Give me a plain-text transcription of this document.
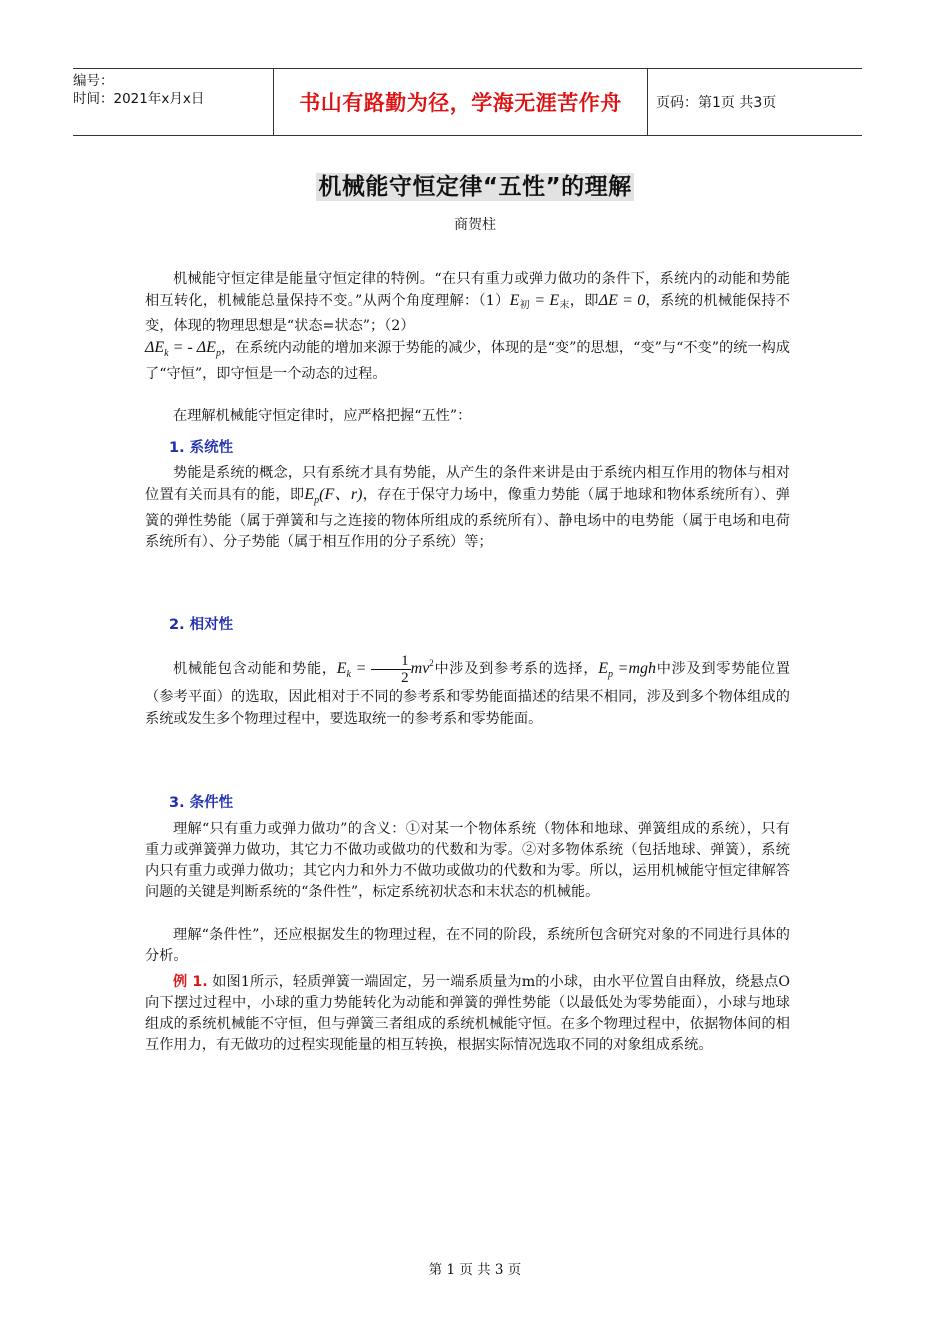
编号：
时间：2021年x月x日	书山有路勤为径，学海无涯苦作舟 页码：第1页 共3页
机械能守恒定律“五性”的理解
商贺柱
机械能守恒定律是能量守恒定律的特例。“在只有重力或弹力做功的条件下，系统内的动能和势能相互转化，机械能总量保持不变。”从两个角度理解：$(1)E_初 = E_末$，即ΔE = 0，系统的机械能保持不变，体现的物理思想是“状态=状态”；（2）
$\Delta E_k$ = - $\Delta E_p$，在系统内动能的增加来源于势能的减少，体现的是“变”的思想，“变”与“不变”的统一构成了“守恒”，即守恒是一个动态的过程。
在理解机械能守恒定律时，应严格把握“五性”：
1. 系统性
势能是系统的概念，只有系统才具有势能，从产生的条件来讲是由于系统内相互作用的物体与相对位置有关而具有的能，即$E_p(F$、r)，存在于保守力场中，像重力势能（属于地球和物体系统所有）、弹簧的弹性势能（属于弹簧和与之连接的物体所组成的系统所有）、静电场中的电势能（属于电场和电荷系统所有）、分子势能（属于相互作用的分子系统）等；
2. 相对性
机械能包含动能和势能，$E_k = \frac{1}{2} mv^2$中涉及到参考系的选择，$E_p =mgh$中涉及到零势能位置（参考平面）的选取，因此相对于不同的参考系和零势能面描述的结果不相同，涉及到多个物体组成的系统或发生多个物理过程中，要选取统一的参考系和零势能面。
3. 条件性
理解“只有重力或弹力做功”的含义：①对某一个物体系统（物体和地球、弹簧组成的系统），只有重力或弹簧弹力做功，其它力不做功或做功的代数和为零。②对多物体系统（包括地球、弹簧），系统内只有重力或弹力做功；其它内力和外力不做功或做功的代数和为零。所以，运用机械能守恒定律解答问题的关键是判断系统的“条件性”，标定系统初状态和末状态的机械能。
理解“条件性”，还应根据发生的物理过程，在不同的阶段，系统所包含研究对象的不同进行具体的分析。
例 1. 如图1所示，轻质弹簧一端固定，另一端系质量为m的小球，由水平位置自由释放，绕悬点O向下摆过过程中，小球的重力势能转化为动能和弹簧的弹性势能（以最低处为零势能面），小球与地球组成的系统机械能不守恒，但与弹簧三者组成的系统机械能守恒。在多个物理过程中，依据物体间的相互作用力，有无做功的过程实现能量的相互转换，根据实际情况选取不同的对象组成系统。
第 1 页 共 3 页
